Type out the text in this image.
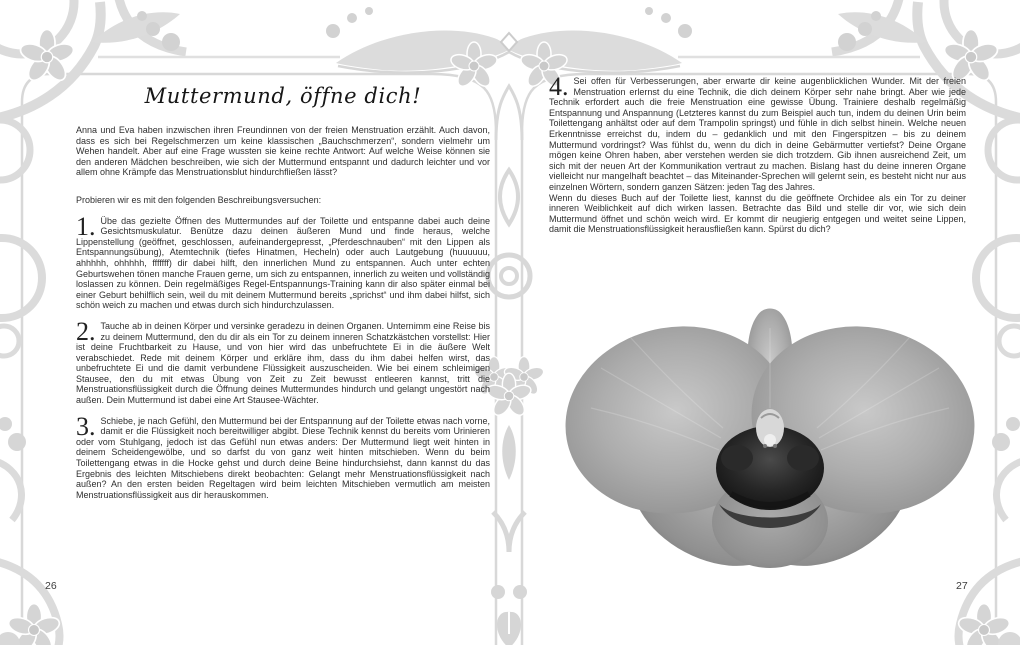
Muttermund, öffne dich!

Anna und Eva haben inzwischen ihren Freundinnen von der freien Menstruation erzählt. Auch davon, dass es sich bei Regelschmerzen um keine klassischen „Bauchschmerzen“, sondern vielmehr um Wehen handelt. Aber auf eine Frage wussten sie keine rechte Antwort: Auf welche Weise können sie den anderen Mädchen beschreiben, wie sich der Muttermund entspannt und dadurch leichter und vor allem ohne Krämpfe das Menstruationsblut hindurchfließen lässt?

Probieren wir es mit den folgenden Beschreibungsversuchen:

1. Übe das gezielte Öffnen des Muttermundes auf der Toilette und entspanne dabei auch deine Gesichtsmuskulatur. Benütze dazu deinen äußeren Mund und finde heraus, welche Lippenstellung (geöffnet, geschlossen, aufeinandergepresst, „Pferdeschnauben“ mit den Lippen als Entspannungsübung), Atemtechnik (tiefes Hinatmen, Hecheln) oder auch Lautgebung (huuuuuu, ahhhhh, ohhhhh, fffffff) dir dabei hilft, den innerlichen Mund zu entspannen. Auch unter echten Geburtswehen tönen manche Frauen gerne, um sich zu entspannen, innerlich zu weiten und vollständig loslassen zu können. Dein regelmäßiges Regel-Entspannungs-Training kann dir also später einmal bei einer Geburt behilflich sein, weil du mit deinem Muttermund bereits „sprichst“ und ihm dabei hilfst, sich schön weich zu machen und etwas durch sich hindurchzulassen.
2. Tauche ab in deinen Körper und versinke geradezu in deinen Organen. Unternimm eine Reise bis zu deinem Muttermund, den du dir als ein Tor zu deinem inneren Schatzkästchen vorstellst: Hier ist deine Fruchtbarkeit zu Hause, und von hier wird das unbefruchtete Ei in die äußere Welt verabschiedet. Rede mit deinem Körper und erkläre ihm, dass du ihm dabei helfen wirst, das unbefruchtete Ei und die damit verbundene Flüssigkeit auszuscheiden. Wie bei einem schleimigen Stausee, den du mit etwas Übung von Zeit zu Zeit bewusst entleeren kannst, tritt die Menstruationsflüssigkeit durch die Öffnung deines Muttermundes hindurch und gelangt ungestört nach außen. Dein Muttermund ist dabei eine Art Stausee-Wächter.
3. Schiebe, je nach Gefühl, den Muttermund bei der Entspannung auf der Toilette etwas nach vorne, damit er die Flüssigkeit noch bereitwilliger abgibt. Diese Technik kennst du bereits vom Urinieren oder vom Stuhlgang, jedoch ist das Gefühl nun etwas anders: Der Muttermund liegt weit hinten in deinem Scheidengewölbe, und so darfst du von ganz weit hinten mitschieben. Wenn du beim Toilettengang etwas in die Hocke gehst und durch deine Beine hindurchsiehst, dann kannst du das Ergebnis des leichten Mitschiebens direkt beobachten: Gelangt mehr Menstruationsflüssigkeit nach außen? An den ersten beiden Regeltagen wird beim leichten Mitschieben vermutlich am meisten Menstruationsflüssigkeit aus dir herauskommen.
26
4. Sei offen für Verbesserungen, aber erwarte dir keine augenblicklichen Wunder. Mit der freien Menstruation erlernst du eine Technik, die dich deinem Körper sehr nahe bringt. Aber wie jede Technik erfordert auch die freie Menstruation eine gewisse Übung. Trainiere deshalb regelmäßig Entspannung und Anspannung (Letzteres kannst du zum Beispiel auch tun, indem du deinen Urin beim Toilettengang anhältst oder auf dem Trampolin springst) und fühle in dich selbst hinein. Welche neuen Erkenntnisse erreichst du, indem du – gedanklich und mit den Fingerspitzen – bis zu deinem Muttermund vordringst? Was fühlst du, wenn du dich in deine Gebärmutter vertiefst? Deine Organe mögen keine Ohren haben, aber verstehen werden sie dich trotzdem. Gib ihnen ausreichend Zeit, um sich mit der neuen Art der Kommunikation vertraut zu machen. Bislang hast du deine inneren Organe vielleicht nur mangelhaft beachtet – das Miteinander-Sprechen will gelernt sein, es besteht nicht nur aus einzelnen Wörtern, sondern ganzen Sätzen: jeden Tag des Jahres.

Wenn du dieses Buch auf der Toilette liest, kannst du die geöffnete Orchidee als ein Tor zu deiner inneren Weiblichkeit auf dich wirken lassen. Betrachte das Bild und stelle dir vor, wie sich dein Muttermund öffnet und schön weich wird. Er kommt dir neugierig entgegen und weitet seine Lippen, damit die Menstruationsflüssigkeit herausfließen kann. Spürst du dich?

27
